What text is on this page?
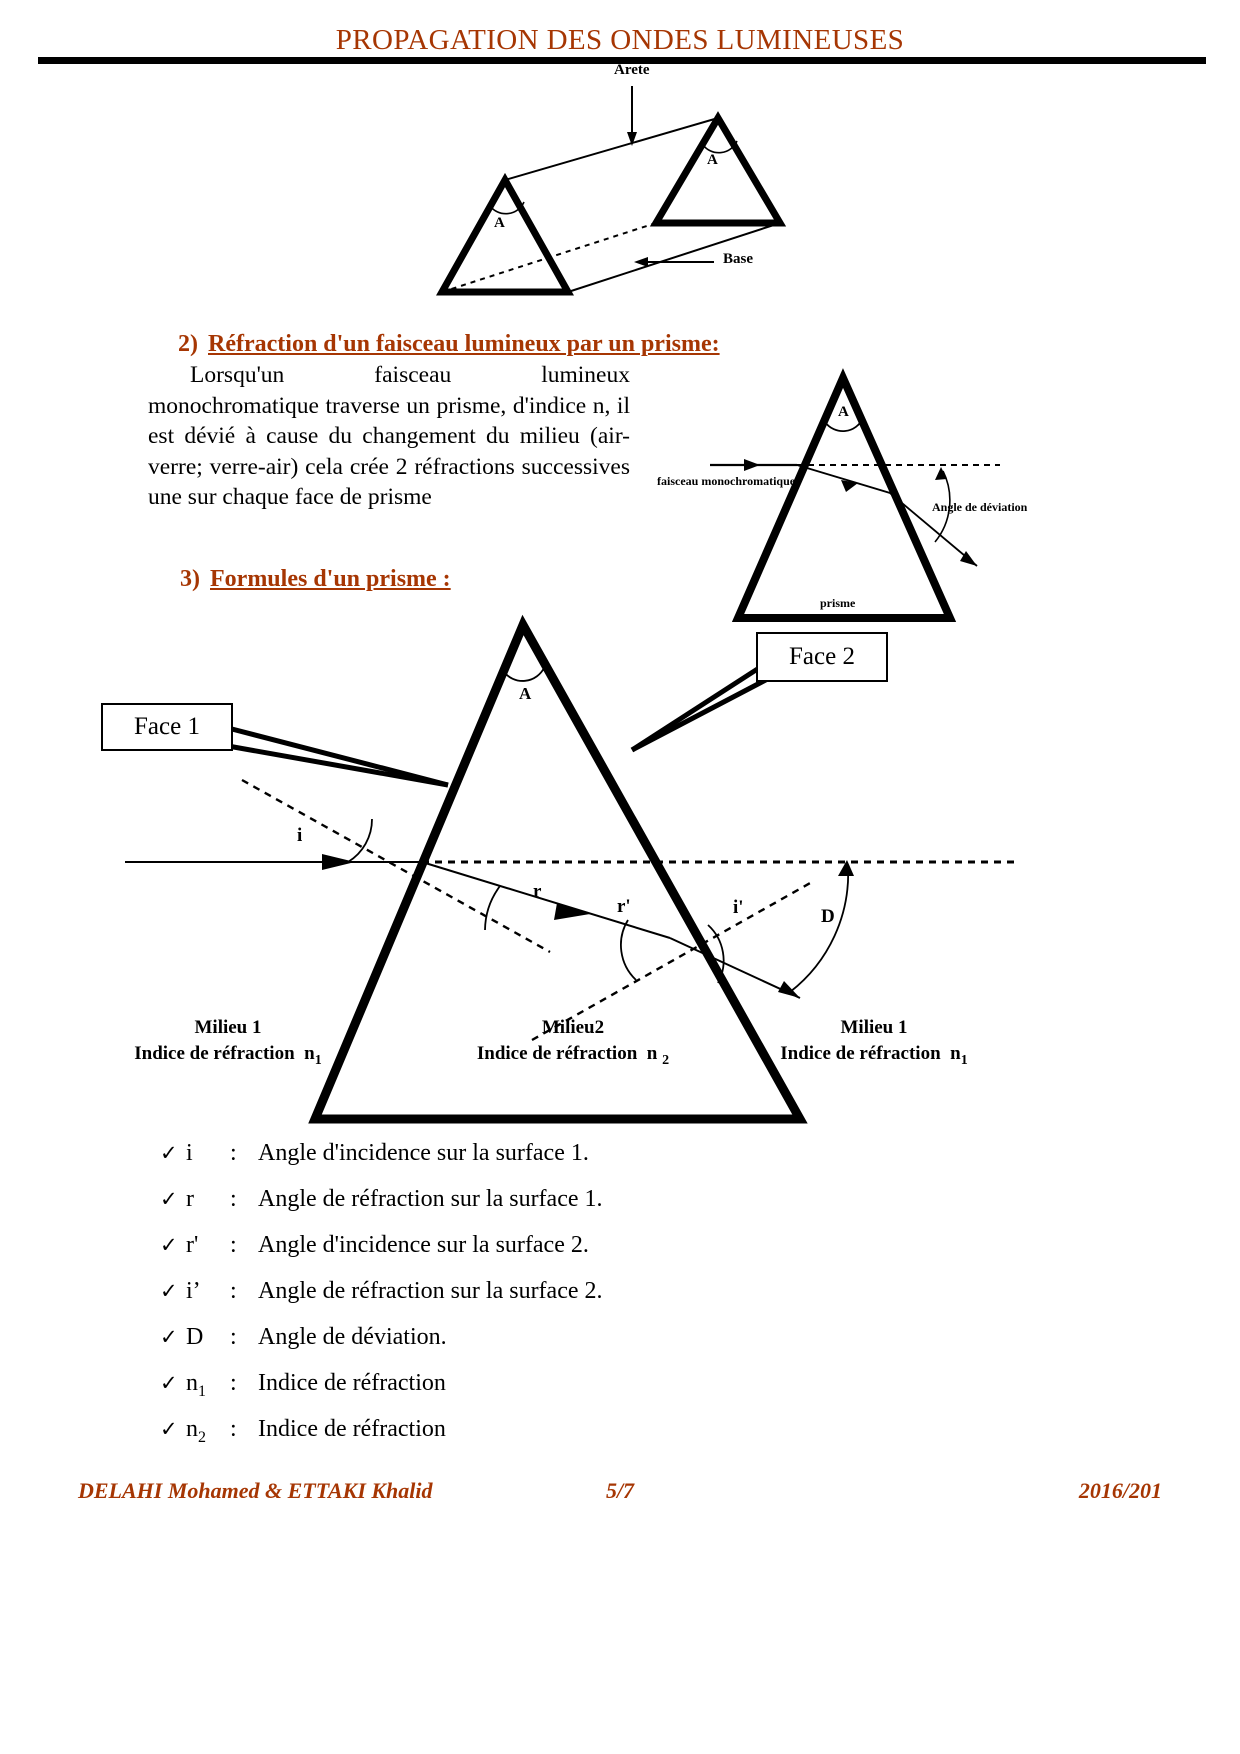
PROPAGATION DES ONDES LUMINEUSES
Arete
Base
A
A
2) Réfraction d'un faisceau lumineux par un prisme:
Lorsqu'un faisceau lumineux monochromatique traverse un prisme, d'indice n, il est dévié à cause du changement du milieu (air-verre; verre-air) cela crée 2 réfractions successives une sur chaque face de prisme
A
faisceau monochromatique
Angle de déviation
prisme
3) Formules d'un prisme :
Face 1
Face 2
A
i
r
r'	i'	D
Milieu 1
Indice de réfraction $n_1$
Milieu2
Indice de réfraction n $_2$
Milieu 1
Indice de réfraction $n_1$
✓ i	: Angle d'incidence sur la surface 1.
✓ r	: Angle de réfraction sur la surface 1.
✓ r'	: Angle d'incidence sur la surface 2.
✓ i’	: Angle de réfraction sur la surface 2.
✓ D	: Angle de déviation.
✓ $n_1$	: Indice de réfraction
✓ $n_2$	: Indice de réfraction
DELAHI Mohamed & ETTAKI Khalid	5/7	2016/201
